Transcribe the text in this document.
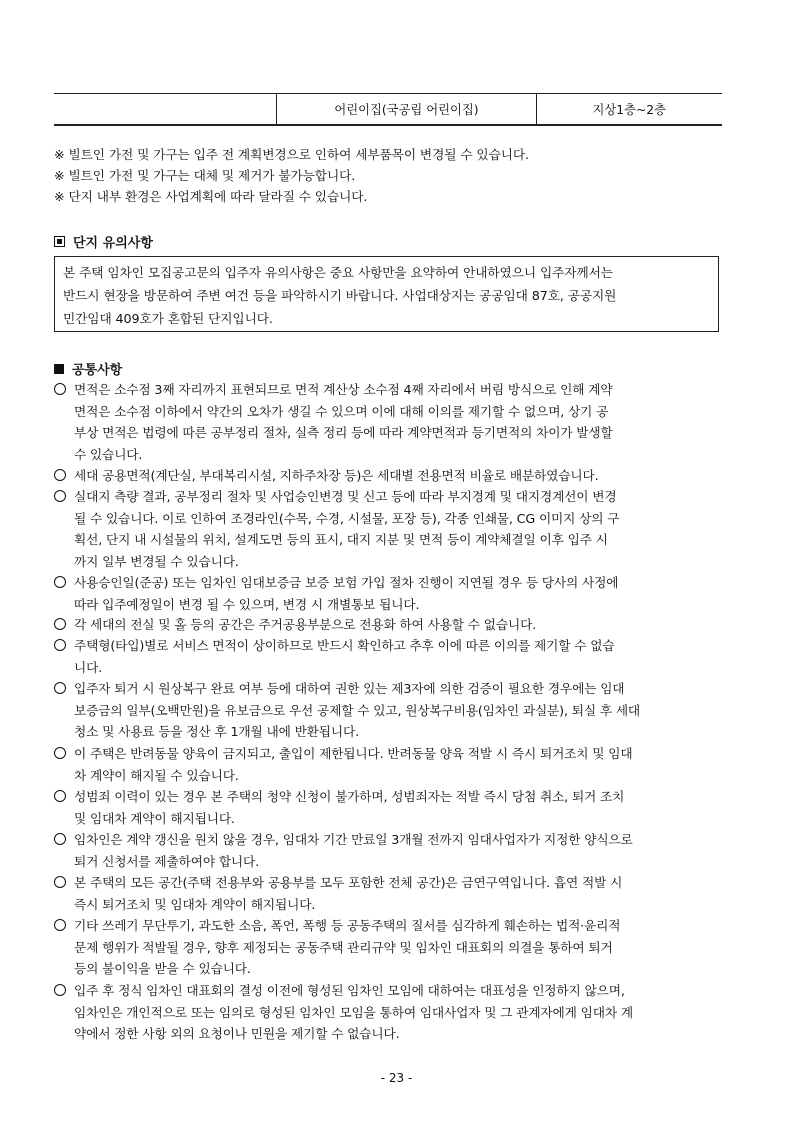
어린이집(국공립 어린이집)	지상1층~2층
※ 빌트인 가전 및 가구는 입주 전 계획변경으로 인하여 세부품목이 변경될 수 있습니다.
※ 빌트인 가전 및 가구는 대체 및 제거가 불가능합니다.
※ 단지 내부 환경은 사업계획에 따라 달라질 수 있습니다.
단지 유의사항
본 주택 임차인 모집공고문의 입주자 유의사항은 중요 사항만을 요약하여 안내하였으니 입주자께서는
반드시 현장을 방문하여 주변 여건 등을 파악하시기 바랍니다. 사업대상지는 공공임대 87호, 공공지원
민간임대 409호가 혼합된 단지입니다.
공통사항
면적은 소수점 3째 자리까지 표현되므로 면적 계산상 소수점 4째 자리에서 버림 방식으로 인해 계약
면적은 소수점 이하에서 약간의 오차가 생길 수 있으며 이에 대해 이의를 제기할 수 없으며, 상기 공
부상 면적은 법령에 따른 공부정리 절차, 실측 정리 등에 따라 계약면적과 등기면적의 차이가 발생할
수 있습니다.
세대 공용면적(계단실, 부대복리시설, 지하주차장 등)은 세대별 전용면적 비율로 배분하였습니다.
실대지 측량 결과, 공부정리 절차 및 사업승인변경 및 신고 등에 따라 부지경계 및 대지경계선이 변경
될 수 있습니다. 이로 인하여 조경라인(수목, 수경, 시설물, 포장 등), 각종 인쇄물, CG 이미지 상의 구
획선, 단지 내 시설물의 위치, 설계도면 등의 표시, 대지 지분 및 면적 등이 계약체결일 이후 입주 시
까지 일부 변경될 수 있습니다.
사용승인일(준공) 또는 임차인 임대보증금 보증 보험 가입 절차 진행이 지연될 경우 등 당사의 사정에
따라 입주예정일이 변경 될 수 있으며, 변경 시 개별통보 됩니다.
각 세대의 전실 및 홀 등의 공간은 주거공용부분으로 전용화 하여 사용할 수 없습니다.
주택형(타입)별로 서비스 면적이 상이하므로 반드시 확인하고 추후 이에 따른 이의를 제기할 수 없습
니다.
입주자 퇴거 시 원상복구 완료 여부 등에 대하여 권한 있는 제3자에 의한 검증이 필요한 경우에는 임대
보증금의 일부(오백만원)을 유보금으로 우선 공제할 수 있고, 원상복구비용(임차인 과실분), 퇴실 후 세대
청소 및 사용료 등을 정산 후 1개월 내에 반환됩니다.
이 주택은 반려동물 양육이 금지되고, 출입이 제한됩니다. 반려동물 양육 적발 시 즉시 퇴거조치 및 임대
차 계약이 해지될 수 있습니다.
성범죄 이력이 있는 경우 본 주택의 청약 신청이 불가하며, 성범죄자는 적발 즉시 당첨 취소, 퇴거 조치
및 임대차 계약이 해지됩니다.
임차인은 계약 갱신을 원치 않을 경우, 임대차 기간 만료일 3개월 전까지 임대사업자가 지정한 양식으로
퇴거 신청서를 제출하여야 합니다.
본 주택의 모든 공간(주택 전용부와 공용부를 모두 포함한 전체 공간)은 금연구역입니다. 흡연 적발 시
즉시 퇴거조치 및 임대차 계약이 해지됩니다.
기타 쓰레기 무단투기, 과도한 소음, 폭언, 폭행 등 공동주택의 질서를 심각하게 훼손하는 법적·윤리적
문제 행위가 적발될 경우, 향후 제정되는 공동주택 관리규약 및 임차인 대표회의 의결을 통하여 퇴거
등의 불이익을 받을 수 있습니다.
입주 후 정식 임차인 대표회의 결성 이전에 형성된 임차인 모임에 대하여는 대표성을 인정하지 않으며,
임차인은 개인적으로 또는 임의로 형성된 임차인 모임을 통하여 임대사업자 및 그 관계자에게 임대차 계
약에서 정한 사항 외의 요청이나 민원을 제기할 수 없습니다.
- 23 -
